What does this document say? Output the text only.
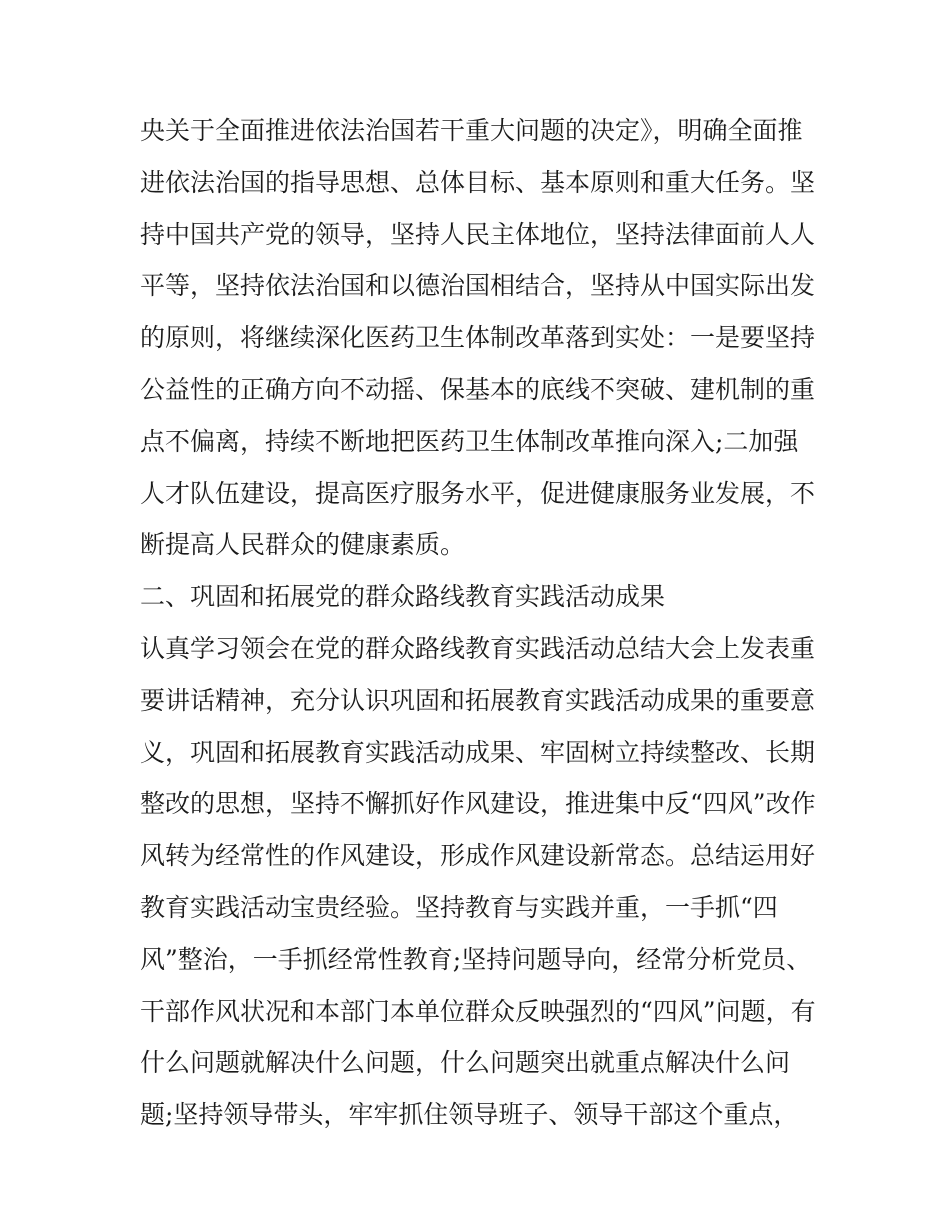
央关于全面推进依法治国若干重大问题的决定》，明确全面推
进依法治国的指导思想、总体目标、基本原则和重大任务。坚
持中国共产党的领导，坚持人民主体地位，坚持法律面前人人
平等，坚持依法治国和以德治国相结合，坚持从中国实际出发
的原则，将继续深化医药卫生体制改革落到实处：一是要坚持
公益性的正确方向不动摇、保基本的底线不突破、建机制的重
点不偏离，持续不断地把医药卫生体制改革推向深入;二加强
人才队伍建设，提高医疗服务水平，促进健康服务业发展，不
断提高人民群众的健康素质。
二、巩固和拓展党的群众路线教育实践活动成果
认真学习领会在党的群众路线教育实践活动总结大会上发表重
要讲话精神，充分认识巩固和拓展教育实践活动成果的重要意
义，巩固和拓展教育实践活动成果、牢固树立持续整改、长期
整改的思想，坚持不懈抓好作风建设，推进集中反“四风”改作
风转为经常性的作风建设，形成作风建设新常态。总结运用好
教育实践活动宝贵经验。坚持教育与实践并重，一手抓“四
风”整治，一手抓经常性教育;坚持问题导向，经常分析党员、
干部作风状况和本部门本单位群众反映强烈的“四风”问题，有
什么问题就解决什么问题，什么问题突出就重点解决什么问
题;坚持领导带头，牢牢抓住领导班子、领导干部这个重点，
